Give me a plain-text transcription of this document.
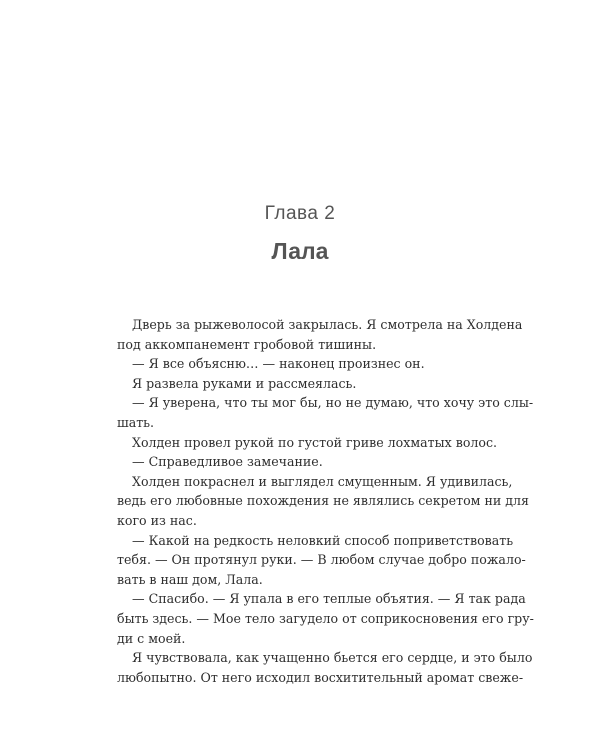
Глава 2
Лала
Дверь за рыжеволосой закрылась. Я смотрела на Холдена
под аккомпанемент гробовой тишины.
— Я все объясню… — наконец произнес он.
Я развела руками и рассмеялась.
— Я уверена, что ты мог бы, но не думаю, что хочу это слы-
шать.
Холден провел рукой по густой гриве лохматых волос.
— Справедливое замечание.
Холден покраснел и выглядел смущенным. Я удивилась,
ведь его любовные похождения не являлись секретом ни для
кого из нас.
— Какой на редкость неловкий способ поприветствовать
тебя. — Он протянул руки. — В любом случае добро пожало-
вать в наш дом, Лала.
— Спасибо. — Я упала в его теплые объятия. — Я так рада
быть здесь. — Мое тело загудело от соприкосновения его гру-
ди с моей.
Я чувствовала, как учащенно бьется его сердце, и это было
любопытно. От него исходил восхитительный аромат свеже-
